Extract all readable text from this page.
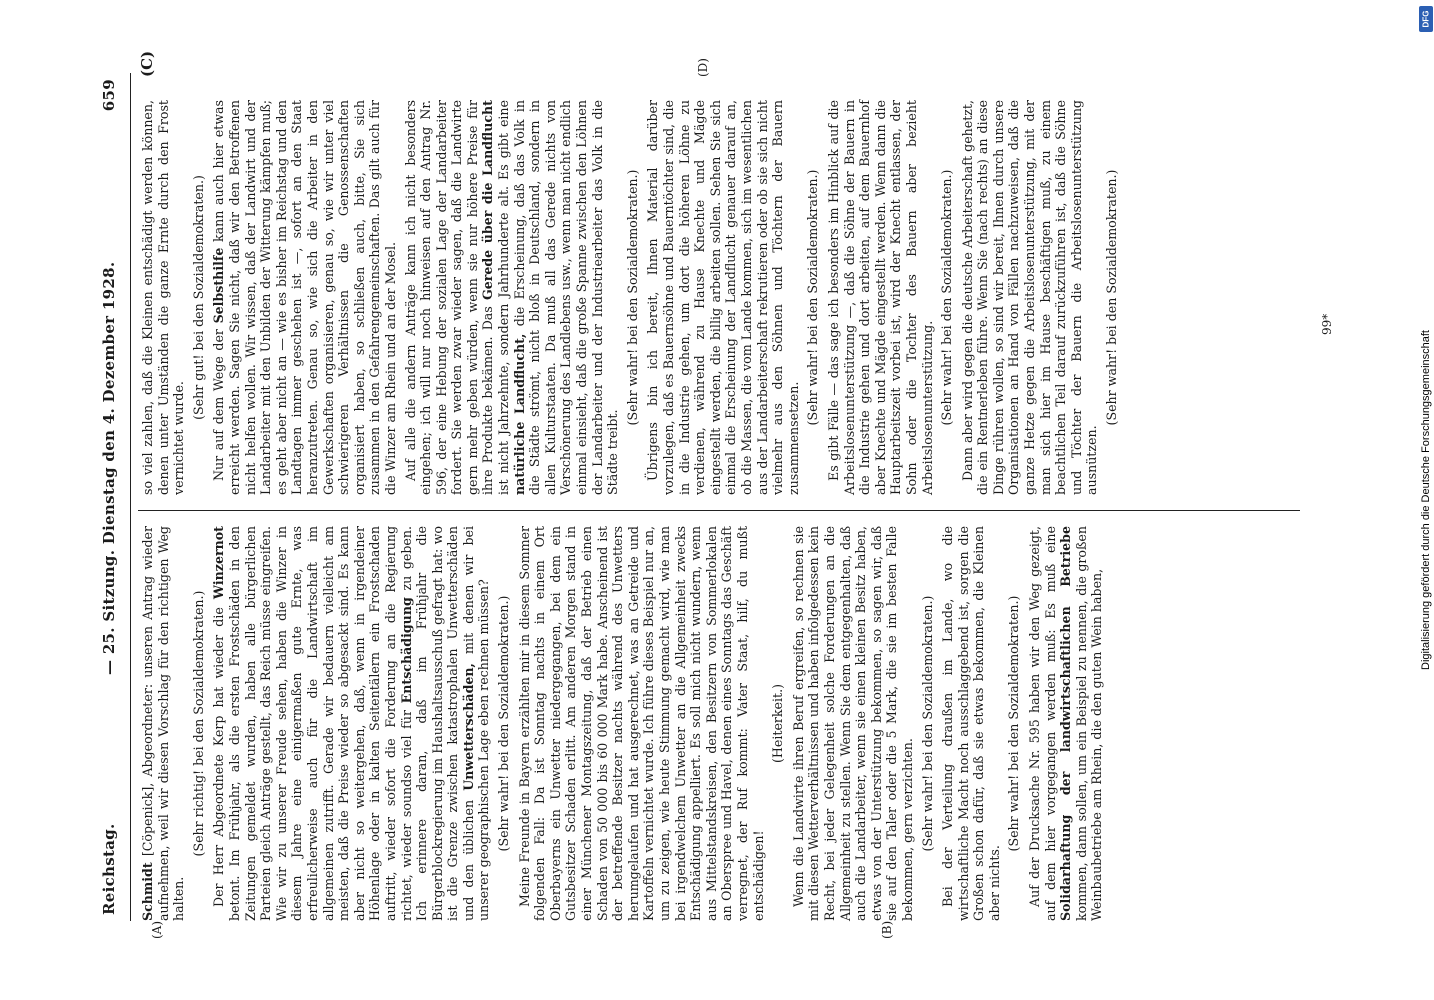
Reichstag.
— 25. Sitzung. Dienstag den 4. Dezember 1928.
659
(A)	(B)
(C)	(D)

Schmidt [Cöpenick], Abgeordneter: unseren Antrag wieder aufnehmen, weil wir diesen Vorschlag für den richtigen Weg halten.

(Sehr richtig! bei den Sozialdemokraten.) Der Herr Abgeordnete Kerp hat wieder die Winzernot betont. Im Frühjahr, als die ersten Frostschäden in den Zeitungen gemeldet wurden, haben alle bürgerlichen Parteien gleich Anträge gestellt, das Reich müsse eingreifen. Wie wir zu unserer Freude sehen, haben die Winzer in diesem Jahre eine einigermaßen gute Ernte, was erfreulicherweise auch für die Landwirtschaft im allgemeinen zutrifft. Gerade wir bedauern vielleicht am meisten, daß die Preise wieder so abgesackt sind. Es kann aber nicht so weitergehen, daß, wenn in irgendeiner Höhenlage oder in kalten Seitentälern ein Frostschaden auftritt, wieder sofort die Forderung an die Regierung richtet, wieder soundso viel für Entschädigung zu geben. Ich erinnere daran, daß im Frühjahr die Bürgerblockregierung im Haushaltsausschuß gefragt hat: wo ist die Grenze zwischen katastrophalen Unwetterschäden und den üblichen Unwetterschäden, mit denen wir bei unserer geographischen Lage eben rechnen müssen? (Sehr wahr! bei den Sozialdemokraten.) Meine Freunde in Bayern erzählten mir in diesem Sommer folgenden Fall: Da ist Sonntag nachts in einem Ort Oberbayerns ein Unwetter niedergegangen, bei dem ein Gutsbesitzer Schaden erlitt. Am anderen Morgen stand in einer Münchener Montagszeitung, daß der Betrieb einen Schaden von 50 000 bis 60 000 Mark habe. Anscheinend ist der betreffende Besitzer nachts während des Unwetters herumgelaufen und hat ausgerechnet, was an Getreide und Kartoffeln vernichtet wurde. Ich führe dieses Beispiel nur an, um zu zeigen, wie heute Stimmung gemacht wird, wie man bei irgendwelchem Unwetter an die Allgemeinheit zwecks Entschädigung appelliert. Es soll mich nicht wundern, wenn aus Mittelstandskreisen, den Besitzern von Sommerlokalen an Oberspree und Havel, denen eines Sonntags das Geschäft verregnet, der Ruf kommt: Vater Staat, hilf, du mußt entschädigen!

(Heiterkeit.) Wenn die Landwirte ihren Beruf ergreifen, so rechnen sie mit diesen Wetterverhältnissen und haben infolgedessen kein Recht, bei jeder Gelegenheit solche Forderungen an die Allgemeinheit zu stellen. Wenn Sie dem entgegenhalten, daß auch die Landarbeiter, wenn sie einen kleinen Besitz haben, etwas von der Unterstützung bekommen, so sagen wir, daß sie auf den Taler oder die 5 Mark, die sie im besten Falle bekommen, gern verzichten. (Sehr wahr! bei den Sozialdemokraten.) Bei der Verteilung draußen im Lande, wo die wirtschaftliche Macht noch ausschlaggebend ist, sorgen die Großen schon dafür, daß sie etwas bekommen, die Kleinen aber nichts.

(Sehr wahr! bei den Sozialdemokraten.) Auf der Drucksache Nr. 595 haben wir den Weg gezeigt, auf dem hier vorgegangen werden muß: Es muß eine Solidarhaftung der landwirtschaftlichen Betriebe kommen, dann sollen, um ein Beispiel zu nennen, die großen Weinbaubetriebe am Rhein, die den guten Wein haben,

so viel zahlen, daß die Kleinen entschädigt werden können, denen unter Umständen die ganze Ernte durch den Frost vernichtet wurde.

(Sehr gut! bei den Sozialdemokraten.) Nur auf dem Wege der Selbsthilfe kann auch hier etwas erreicht werden. Sagen Sie nicht, daß wir den Betroffenen nicht helfen wollen. Wir wissen, daß der Landwirt und der Landarbeiter mit den Unbilden der Witterung kämpfen muß; es geht aber nicht an — wie es bisher im Reichstag und den Landtagen immer geschehen ist —, sofort an den Staat heranzutreten. Genau so, wie sich die Arbeiter in den Gewerkschaften organisieren, genau so, wie wir unter viel schwierigeren Verhältnissen die Genossenschaften organisiert haben, so schließen auch, bitte, Sie sich zusammen in den Gefahrengemeinschaften. Das gilt auch für die Winzer am Rhein und an der Mosel. Auf alle die andern Anträge kann ich nicht besonders eingehen; ich will nur noch hinweisen auf den Antrag Nr. 596, der eine Hebung der sozialen Lage der Landarbeiter fordert. Sie werden zwar wieder sagen, daß die Landwirte gern mehr geben würden, wenn sie nur höhere Preise für ihre Produkte bekämen. Das Gerede über die Landflucht ist nicht Jahrzehnte, sondern Jahrhunderte alt. Es gibt eine natürliche Landflucht, die Erscheinung, daß das Volk in die Städte strömt, nicht bloß in Deutschland, sondern in allen Kulturstaaten. Da muß all das Gerede nichts von Verschönerung des Landlebens usw., wenn man nicht endlich einmal einsieht, daß die große Spanne zwischen den Löhnen der Landarbeiter und der Industriearbeiter das Volk in die Städte treibt.

(Sehr wahr! bei den Sozialdemokraten.) Übrigens bin ich bereit, Ihnen Material darüber vorzulegen, daß es Bauernsöhne und Bauerntöchter sind, die in die Industrie gehen, um dort die höheren Löhne zu verdienen, während zu Hause Knechte und Mägde eingestellt werden, die billig arbeiten sollen. Sehen Sie sich einmal die Erscheinung der Landflucht genauer darauf an, ob die Massen, die vom Lande kommen, sich im wesentlichen aus der Landarbeiterschaft rekrutieren oder ob sie sich nicht vielmehr aus den Söhnen und Töchtern der Bauern zusammensetzen.

(Sehr wahr! bei den Sozialdemokraten.) Es gibt Fälle — das sage ich besonders im Hinblick auf die Arbeitslosenunterstützung —, daß die Söhne der Bauern in die Industrie gehen und dort arbeiten, auf dem Bauernhof aber Knechte und Mägde eingestellt werden. Wenn dann die Hauptarbeitszeit vorbei ist, wird der Knecht entlassen, der Sohn oder die Tochter des Bauern aber bezieht Arbeitslosenunterstützung. (Sehr wahr! bei den Sozialdemokraten.) Dann aber wird gegen die deutsche Arbeiterschaft gehetzt, die ein Rentnerleben führe. Wenn Sie (nach rechts) an diese Dinge rühren wollen, so sind wir bereit, Ihnen durch unsere Organisationen an Hand von Fällen nachzuweisen, daß die ganze Hetze gegen die Arbeitslosenunterstützung, mit der man sich hier im Hause beschäftigen muß, zu einem beachtlichen Teil darauf zurückzuführen ist, daß die Söhne und Töchter der Bauern die Arbeitslosenunterstützung ausnützen.

(Sehr wahr! bei den Sozialdemokraten.)	99*
DFG
Digitalisierung gefördert durch die Deutsche Forschungsgemeinschaft
